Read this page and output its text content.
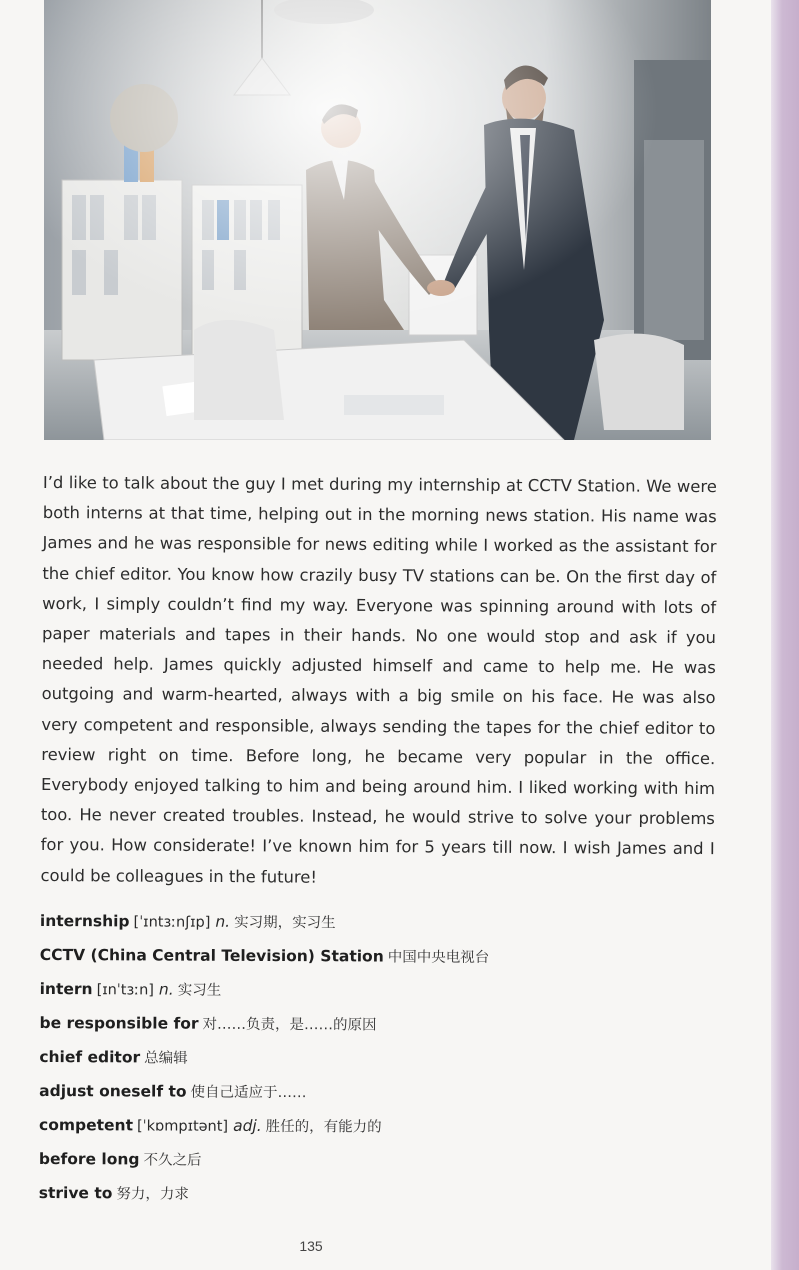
I’d like to talk about the guy I met during my internship at CCTV Station. We were both interns at that time, helping out in the morning news station. His name was James and he was responsible for news editing while I worked as the assistant for the chief editor. You know how crazily busy TV stations can be. On the first day of work, I simply couldn’t find my way. Everyone was spinning around with lots of paper materials and tapes in their hands. No one would stop and ask if you needed help. James quickly adjusted himself and came to help me. He was outgoing and warm-hearted, always with a big smile on his face. He was also very competent and responsible, always sending the tapes for the chief editor to review right on time. Before long, he became very popular in the office. Everybody enjoyed talking to him and being around him. I liked working with him too. He never created troubles. Instead, he would strive to solve your problems for you. How considerate! I’ve known him for 5 years till now. I wish James and I could be colleagues in the future!

internship [ˈɪntɜːnʃɪp] n. 实习期，实习生
CCTV (China Central Television) Station 中国中央电视台
intern [ɪnˈtɜːn] n. 实习生
be responsible for 对……负责，是……的原因
chief editor 总编辑
adjust oneself to 使自己适应于……
competent [ˈkɒmpɪtənt] adj. 胜任的，有能力的
before long 不久之后
strive to 努力，力求
135
